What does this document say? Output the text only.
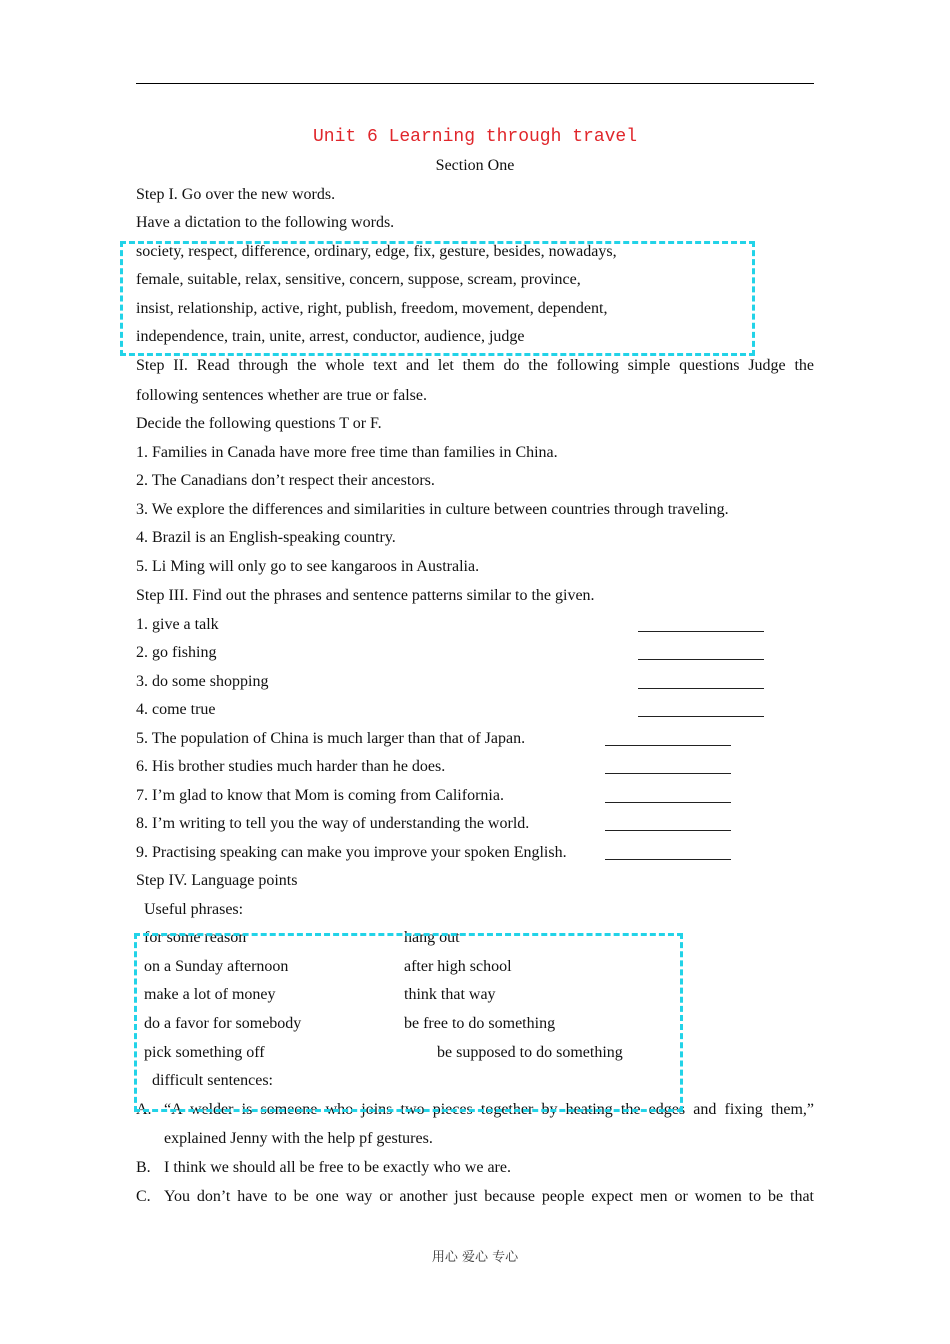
Unit 6 Learning through travel
Section One
Step I. Go over the new words.
Have a dictation to the following words.
society, respect, difference, ordinary, edge, fix, gesture, besides, nowadays,
female, suitable, relax, sensitive, concern, suppose, scream, province,
insist, relationship, active, right, publish, freedom, movement, dependent,
independence, train, unite, arrest, conductor, audience, judge
Step II. Read through the whole text and let them do the following simple questions Judge the
following sentences whether are true or false.
Decide the following questions T or F.
1. Families in Canada have more free time than families in China.
2. The Canadians don’t respect their ancestors.
3. We explore the differences and similarities in culture between countries through traveling.
4. Brazil is an English-speaking country.
5. Li Ming will only go to see kangaroos in Australia.
Step III. Find out the phrases and sentence patterns similar to the given.
1. give a talk
2. go fishing
3. do some shopping
4. come true
5. The population of China is much larger than that of Japan.
6. His brother studies much harder than he does.
7. I’m glad to know that Mom is coming from California.
8. I’m writing to tell you the way of understanding the world.
9. Practising speaking can make you improve your spoken English.
Step IV. Language points
Useful phrases:
for some reason	hang out
on a Sunday afternoon	after high school
make a lot of money	think that way
do a favor for somebody	be free to do something
pick something off	be supposed to do something
difficult sentences:
A. “A welder is someone who joins two pieces together by heating the edges and fixing them,”
explained Jenny with the help pf gestures.
B. I think we should all be free to be exactly who we are.
C. You don’t have to be one way or another just because people expect men or women to be that
用心 爱心 专心
